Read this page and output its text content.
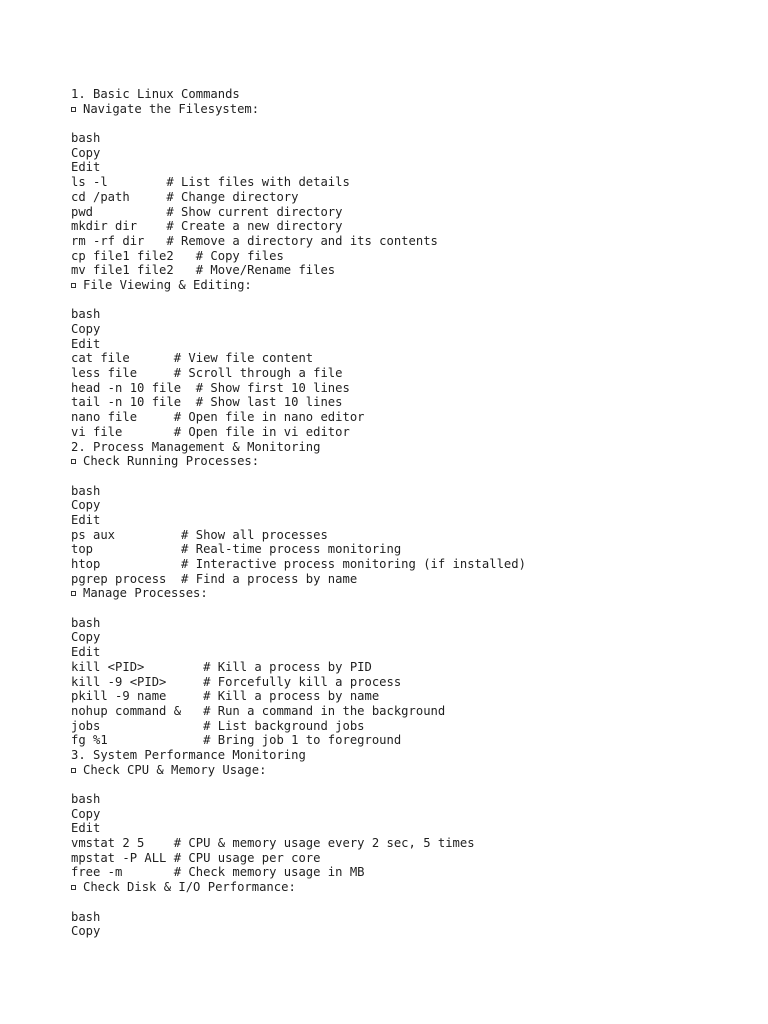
1. Basic Linux Commands
Navigate the Filesystem:
bash
Copy
Edit
ls -l        # List files with details
cd /path     # Change directory
pwd          # Show current directory
mkdir dir    # Create a new directory
rm -rf dir   # Remove a directory and its contents
cp file1 file2   # Copy files
mv file1 file2   # Move/Rename files
File Viewing & Editing:
bash
Copy
Edit
cat file      # View file content
less file     # Scroll through a file
head -n 10 file  # Show first 10 lines
tail -n 10 file  # Show last 10 lines
nano file     # Open file in nano editor
vi file       # Open file in vi editor
2. Process Management & Monitoring
Check Running Processes:
bash
Copy
Edit
ps aux         # Show all processes
top            # Real-time process monitoring
htop           # Interactive process monitoring (if installed)
pgrep process  # Find a process by name
Manage Processes:
bash
Copy
Edit
kill <PID>        # Kill a process by PID
kill -9 <PID>     # Forcefully kill a process
pkill -9 name     # Kill a process by name
nohup command &   # Run a command in the background
jobs              # List background jobs
fg %1             # Bring job 1 to foreground
3. System Performance Monitoring
Check CPU & Memory Usage:
bash
Copy
Edit
vmstat 2 5    # CPU & memory usage every 2 sec, 5 times
mpstat -P ALL # CPU usage per core
free -m       # Check memory usage in MB
Check Disk & I/O Performance:
bash
Copy
